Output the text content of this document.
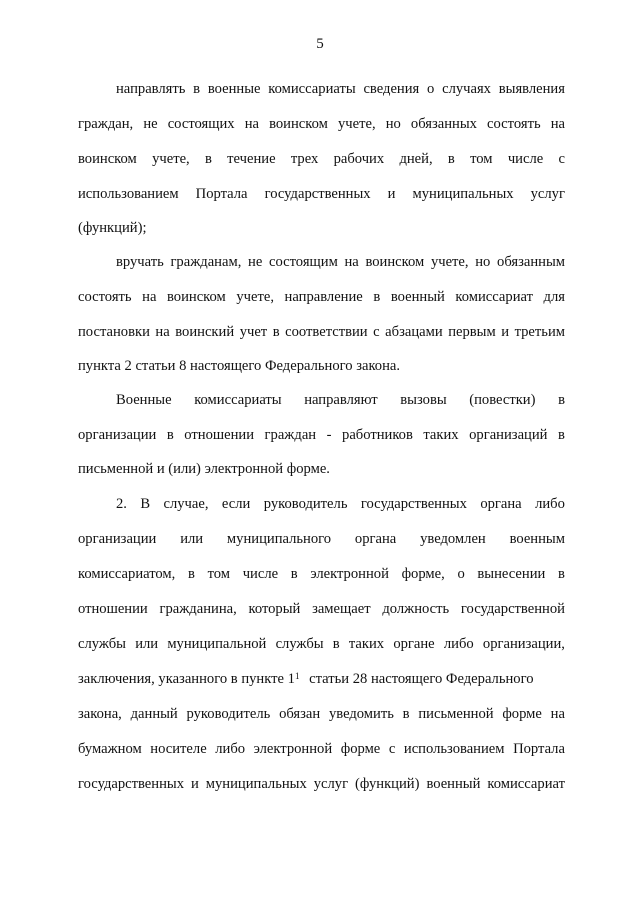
5
направлять в военные комиссариаты сведения о случаях выявления
граждан, не состоящих на воинском учете, но обязанных состоять на
воинском учете, в течение трех рабочих дней, в том числе с
использованием Портала государственных и муниципальных услуг
(функций);
вручать гражданам, не состоящим на воинском учете, но обязанным
состоять на воинском учете, направление в военный комиссариат для
постановки на воинский учет в соответствии с абзацами первым и третьим
пункта 2 статьи 8 настоящего Федерального закона.
Военные комиссариаты направляют вызовы (повестки) в
организации в отношении граждан - работников таких организаций в
письменной и (или) электронной форме.
2. В случае, если руководитель государственных органа либо
организации или муниципального органа уведомлен военным
комиссариатом, в том числе в электронной форме, о вынесении в
отношении гражданина, который замещает должность государственной
службы или муниципальной службы в таких органе либо организации,
заключения, указанного в пункте $1^1$ статьи 28 настоящего Федерального
закона, данный руководитель обязан уведомить в письменной форме на
бумажном носителе либо электронной форме с использованием Портала
государственных и муниципальных услуг (функций) военный комиссариат
